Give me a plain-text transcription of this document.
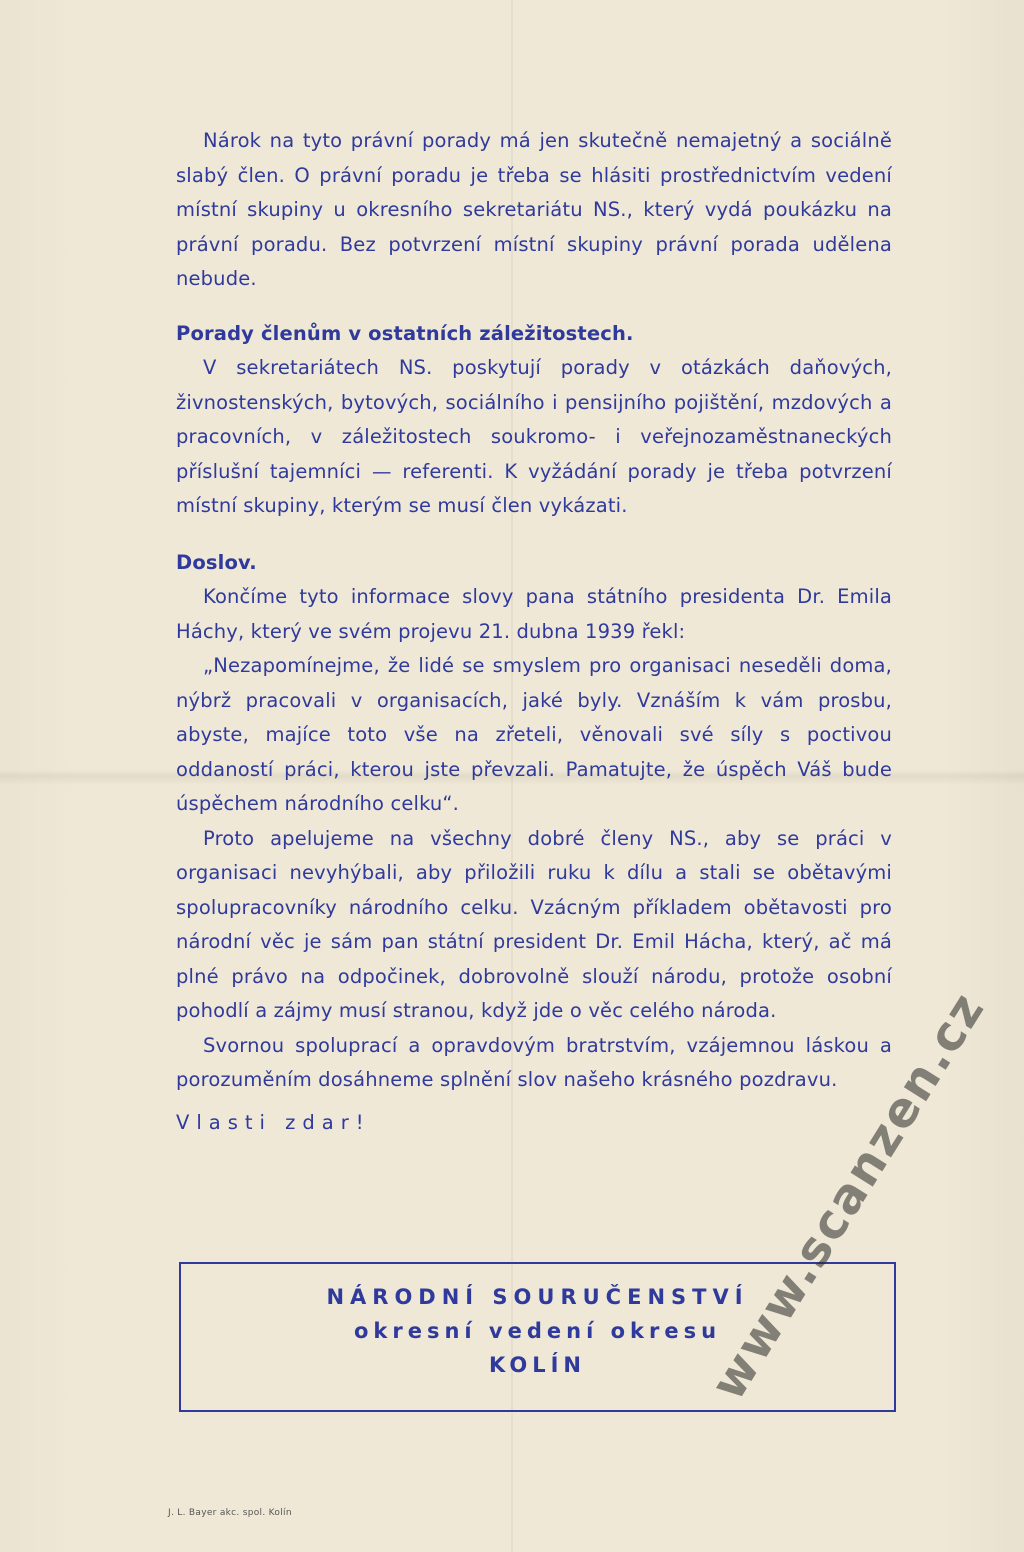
Nárok na tyto právní porady má jen skutečně nemajetný a sociálně slabý člen. O právní poradu je třeba se hlásiti prostřednictvím vedení místní skupiny u okresního sekretariátu NS., který vydá poukázku na právní poradu. Bez potvrzení místní skupiny právní porada udělena nebude.

Porady členům v ostatních záležitostech.

V sekretariátech NS. poskytují porady v otázkách daňových, živnostenských, bytových, sociálního i pensijního pojištění, mzdových a pracovních, v záležitostech soukromo- i veřejnozaměstnaneckých příslušní tajemníci — referenti. K vyžádání porady je třeba potvrzení místní skupiny, kterým se musí člen vykázati.

Doslov.

Končíme tyto informace slovy pana státního presidenta Dr. Emila Háchy, který ve svém projevu 21. dubna 1939 řekl:

„Nezapomínejme, že lidé se smyslem pro organisaci neseděli doma, nýbrž pracovali v organisacích, jaké byly. Vznáším k vám prosbu, abyste, majíce toto vše na zřeteli, věnovali své síly s poctivou oddaností práci, kterou jste převzali. Pamatujte, že úspěch Váš bude úspěchem národního celku“.

Proto apelujeme na všechny dobré členy NS., aby se práci v organisaci nevyhýbali, aby přiložili ruku k dílu a stali se obětavými spolupracovníky národního celku. Vzácným příkladem obětavosti pro národní věc je sám pan státní president Dr. Emil Hácha, který, ač má plné právo na odpočinek, dobrovolně slouží národu, protože osobní pohodlí a zájmy musí stranou, když jde o věc celého národa.

Svornou spoluprací a opravdovým bratrstvím, vzájemnou láskou a porozuměním dosáhneme splnění slov našeho krásného pozdravu.

Vlasti zdar!

NÁRODNÍ SOURUČENSTVÍ
okresní vedení okresu
KOLÍN
J. L. Bayer akc. spol. Kolín
www.scanzen.cz
